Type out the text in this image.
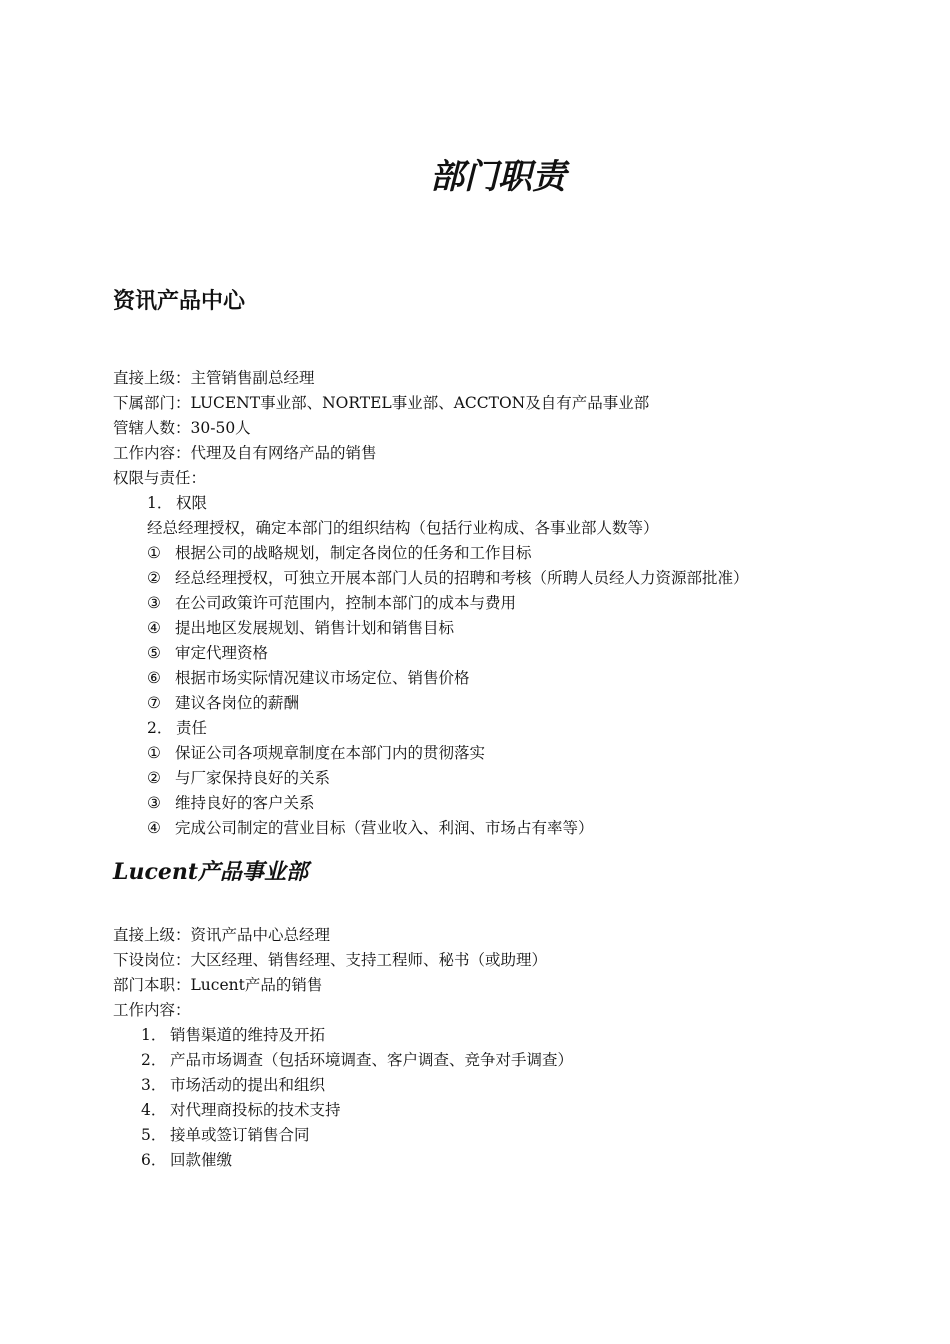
部门职责
资讯产品中心
直接上级：主管销售副总经理
下属部门：LUCENT事业部、NORTEL事业部、ACCTON及自有产品事业部
管辖人数：30-50人
工作内容：代理及自有网络产品的销售
权限与责任：
1． 权限
经总经理授权，确定本部门的组织结构（包括行业构成、各事业部人数等）
① 根据公司的战略规划，制定各岗位的任务和工作目标
② 经总经理授权，可独立开展本部门人员的招聘和考核（所聘人员经人力资源部批准）
③ 在公司政策许可范围内，控制本部门的成本与费用
④ 提出地区发展规划、销售计划和销售目标
⑤ 审定代理资格
⑥ 根据市场实际情况建议市场定位、销售价格
⑦ 建议各岗位的薪酬
2． 责任
① 保证公司各项规章制度在本部门内的贯彻落实
② 与厂家保持良好的关系
③ 维持良好的客户关系
④ 完成公司制定的营业目标（营业收入、利润、市场占有率等）
Lucent产品事业部
直接上级：资讯产品中心总经理
下设岗位：大区经理、销售经理、支持工程师、秘书（或助理）
部门本职：Lucent产品的销售
工作内容：
1． 销售渠道的维持及开拓
2． 产品市场调查（包括环境调查、客户调查、竞争对手调查）
3． 市场活动的提出和组织
4． 对代理商投标的技术支持
5． 接单或签订销售合同
6． 回款催缴
